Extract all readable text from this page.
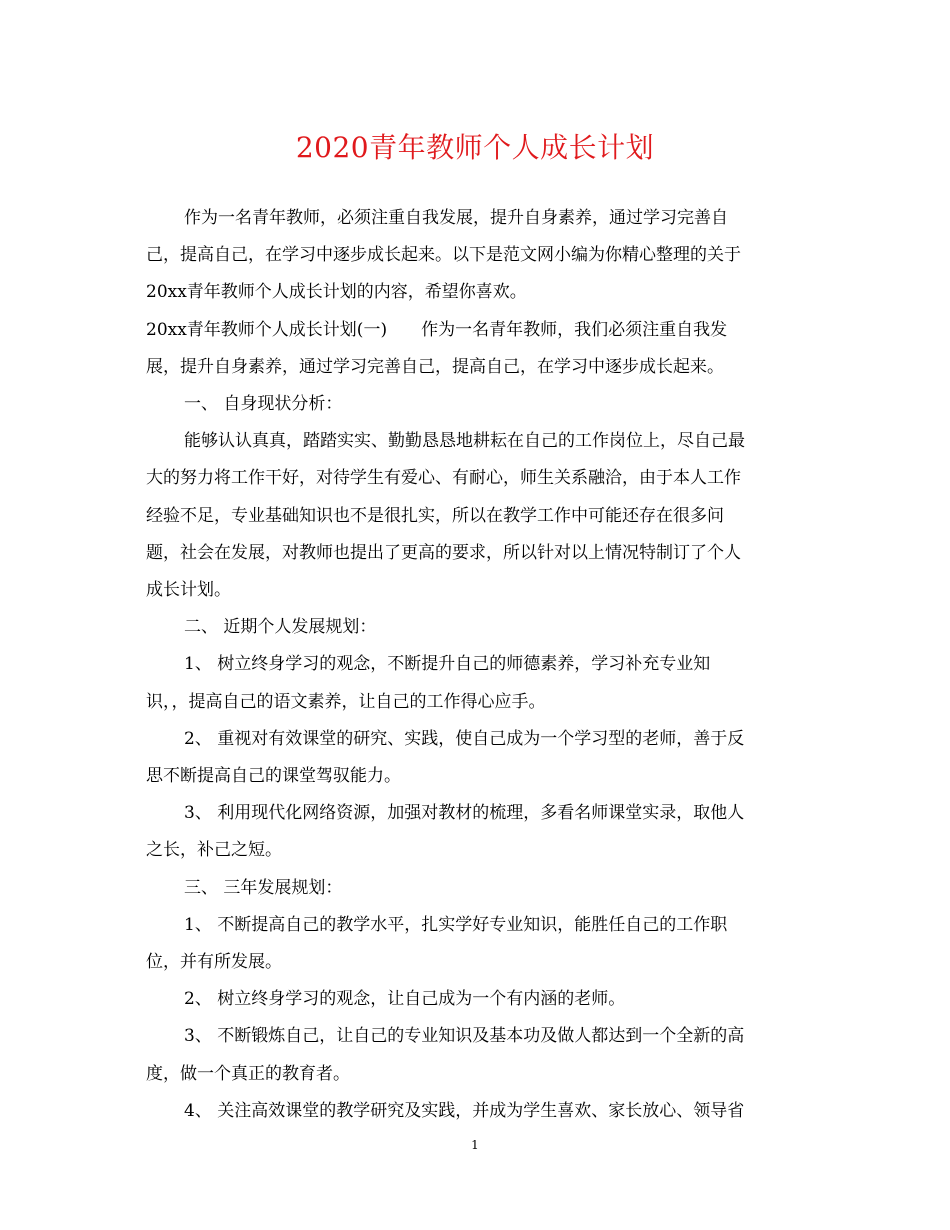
2020青年教师个人成长计划

作为一名青年教师，必须注重自我发展，提升自身素养，通过学习完善自

己，提高自己，在学习中逐步成长起来。以下是范文网小编为你精心整理的关于

20xx青年教师个人成长计划的内容，希望你喜欢。

20xx青年教师个人成长计划(一)　　作为一名青年教师，我们必须注重自我发

展，提升自身素养，通过学习完善自己，提高自己，在学习中逐步成长起来。

一、 自身现状分析：

能够认认真真，踏踏实实、勤勤恳恳地耕耘在自己的工作岗位上，尽自己最

大的努力将工作干好，对待学生有爱心、有耐心，师生关系融洽，由于本人工作

经验不足，专业基础知识也不是很扎实，所以在教学工作中可能还存在很多问

题，社会在发展，对教师也提出了更高的要求，所以针对以上情况特制订了个人

成长计划。

二、 近期个人发展规划：

1、 树立终身学习的观念，不断提升自己的师德素养，学习补充专业知

识，，提高自己的语文素养，让自己的工作得心应手。

2、 重视对有效课堂的研究、实践，使自己成为一个学习型的老师，善于反

思不断提高自己的课堂驾驭能力。

3、 利用现代化网络资源，加强对教材的梳理，多看名师课堂实录，取他人

之长，补己之短。

三、 三年发展规划：

1、 不断提高自己的教学水平，扎实学好专业知识，能胜任自己的工作职

位，并有所发展。

2、 树立终身学习的观念，让自己成为一个有内涵的老师。

3、 不断锻炼自己，让自己的专业知识及基本功及做人都达到一个全新的高

度，做一个真正的教育者。

4、 关注高效课堂的教学研究及实践，并成为学生喜欢、家长放心、领导省

1
